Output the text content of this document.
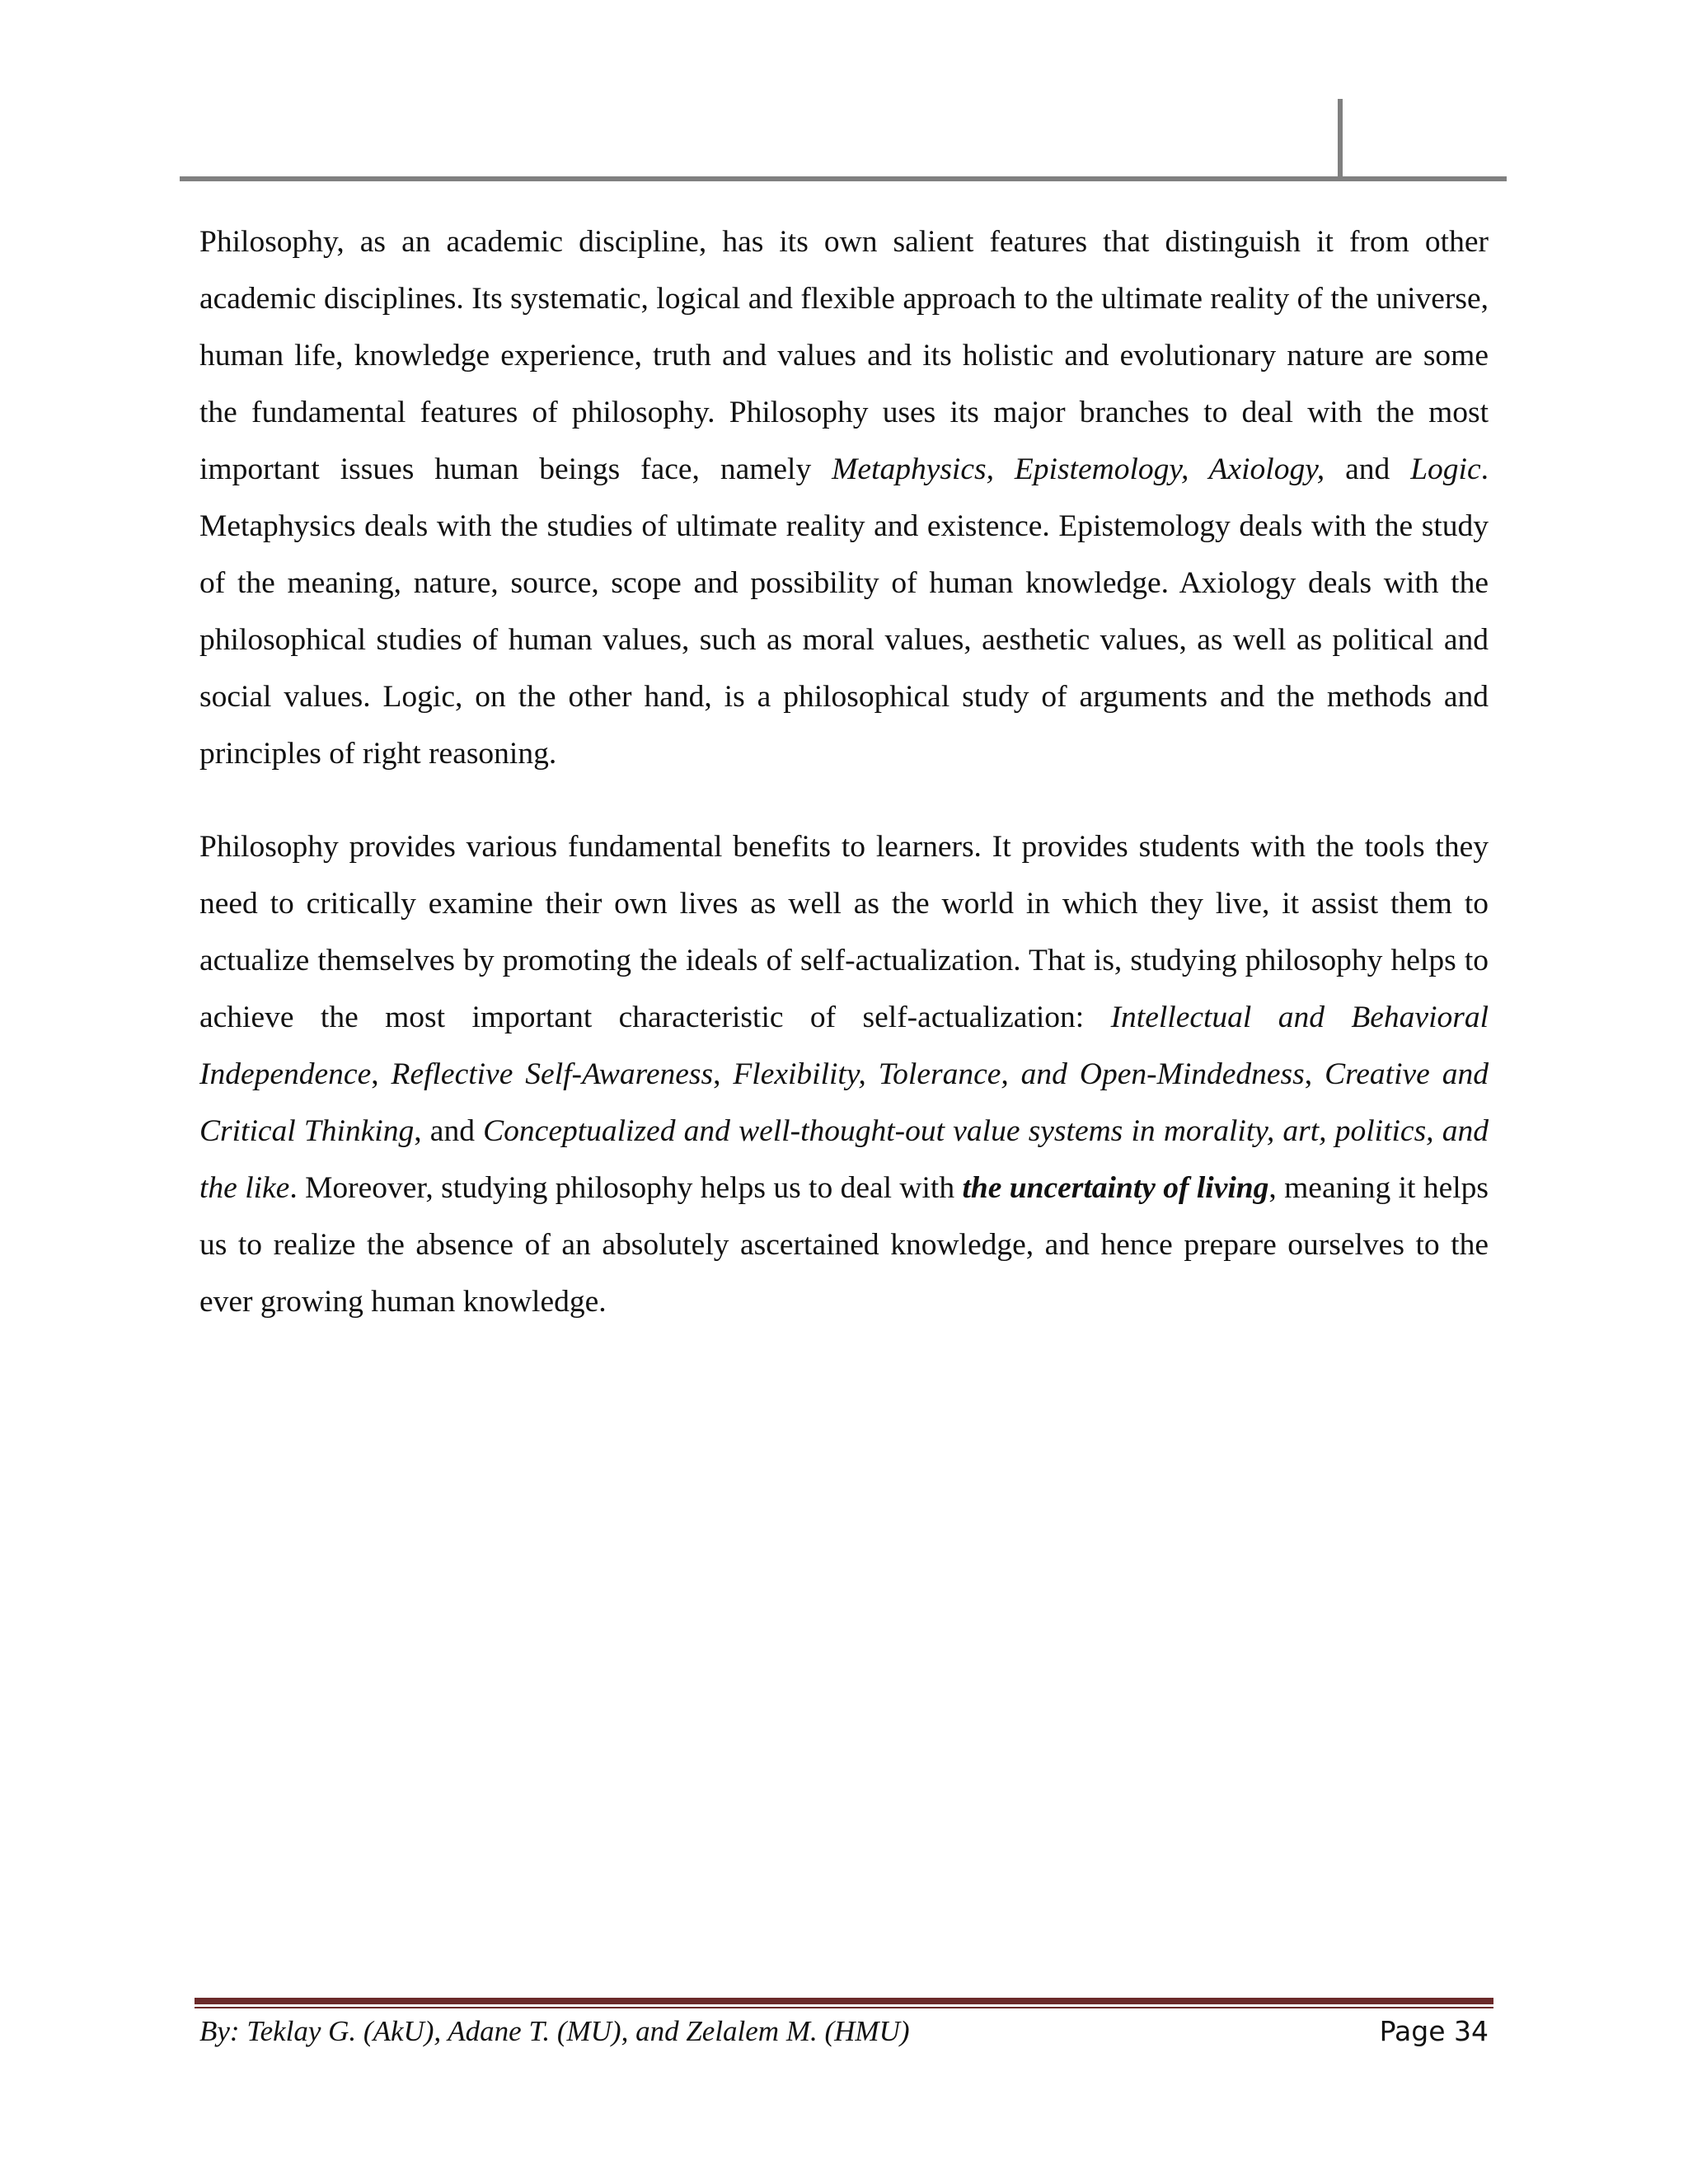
Philosophy, as an academic discipline, has its own salient features that distinguish it from other academic disciplines. Its systematic, logical and flexible approach to the ultimate reality of the universe, human life, knowledge experience, truth and values and its holistic and evolutionary nature are some the fundamental features of philosophy. Philosophy uses its major branches to deal with the most important issues human beings face, namely Metaphysics, Epistemology, Axiology, and Logic. Metaphysics deals with the studies of ultimate reality and existence. Epistemology deals with the study of the meaning, nature, source, scope and possibility of human knowledge. Axiology deals with the philosophical studies of human values, such as moral values, aesthetic values, as well as political and social values. Logic, on the other hand, is a philosophical study of arguments and the methods and principles of right reasoning.

Philosophy provides various fundamental benefits to learners. It provides students with the tools they need to critically examine their own lives as well as the world in which they live, it assist them to actualize themselves by promoting the ideals of self-actualization. That is, studying philosophy helps to achieve the most important characteristic of self-actualization: Intellectual and Behavioral Independence, Reflective Self-Awareness, Flexibility, Tolerance, and Open-Mindedness, Creative and Critical Thinking, and Conceptualized and well-thought-out value systems in morality, art, politics, and the like. Moreover, studying philosophy helps us to deal with the uncertainty of living, meaning it helps us to realize the absence of an absolutely ascertained knowledge, and hence prepare ourselves to the ever growing human knowledge.

By: Teklay G. (AkU), Adane T. (MU), and Zelalem M. (HMU)	Page 34
